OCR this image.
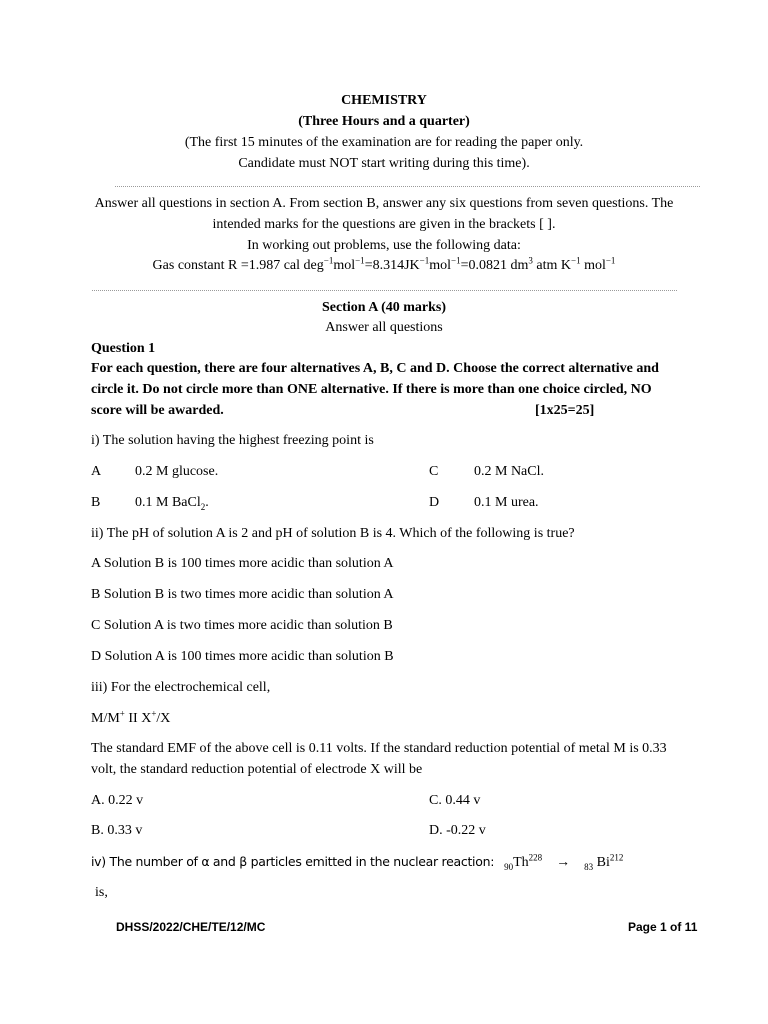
CHEMISTRY
(Three Hours and a quarter)
(The first 15 minutes of the examination are for reading the paper only.
Candidate must NOT start writing during this time).
Answer all questions in section A. From section B, answer any six questions from seven questions. The
intended marks for the questions are given in the brackets [ ].
In working out problems, use the following data:
Gas constant R =1.987 cal $deg^{-1}mol^{-1}=8.314JK^{-1}mol^{-1}=0.0821$ $dm^3$ atm $K^{-1}$ mol$^{-1}$
Section A (40 marks)
Answer all questions
Question 1
For each question, there are four alternatives A, B, C and D. Choose the correct alternative and
circle it. Do not circle more than ONE alternative. If there is more than one choice circled, NO
score will be awarded.	[1x25=25]
i) The solution having the highest freezing point is
A 0.2 M glucose.	C	0.2 M NaCl.
B 0.1 M BaCl$_2$.	D 0.1 M urea.
ii) The pH of solution A is 2 and pH of solution B is 4. Which of the following is true?
A Solution B is 100 times more acidic than solution A
B Solution B is two times more acidic than solution A
C Solution A is two times more acidic than solution B
D Solution A is 100 times more acidic than solution B
iii) For the electrochemical cell,
M/M+ II X+/X
The standard EMF of the above cell is 0.11 volts. If the standard reduction potential of metal M is 0.33
volt, the standard reduction potential of electrode X will be
A. 0.22 v	C. 0.44 v
B. 0.33 v	D. -0.22 v
iv) The number of α and β particles emitted in the nuclear reaction: $_{90}Th^{228} \to _{83}$ Bi$^{212}$
is,
DHSS/2022/CHE/TE/12/MC	Page 1 of 11
